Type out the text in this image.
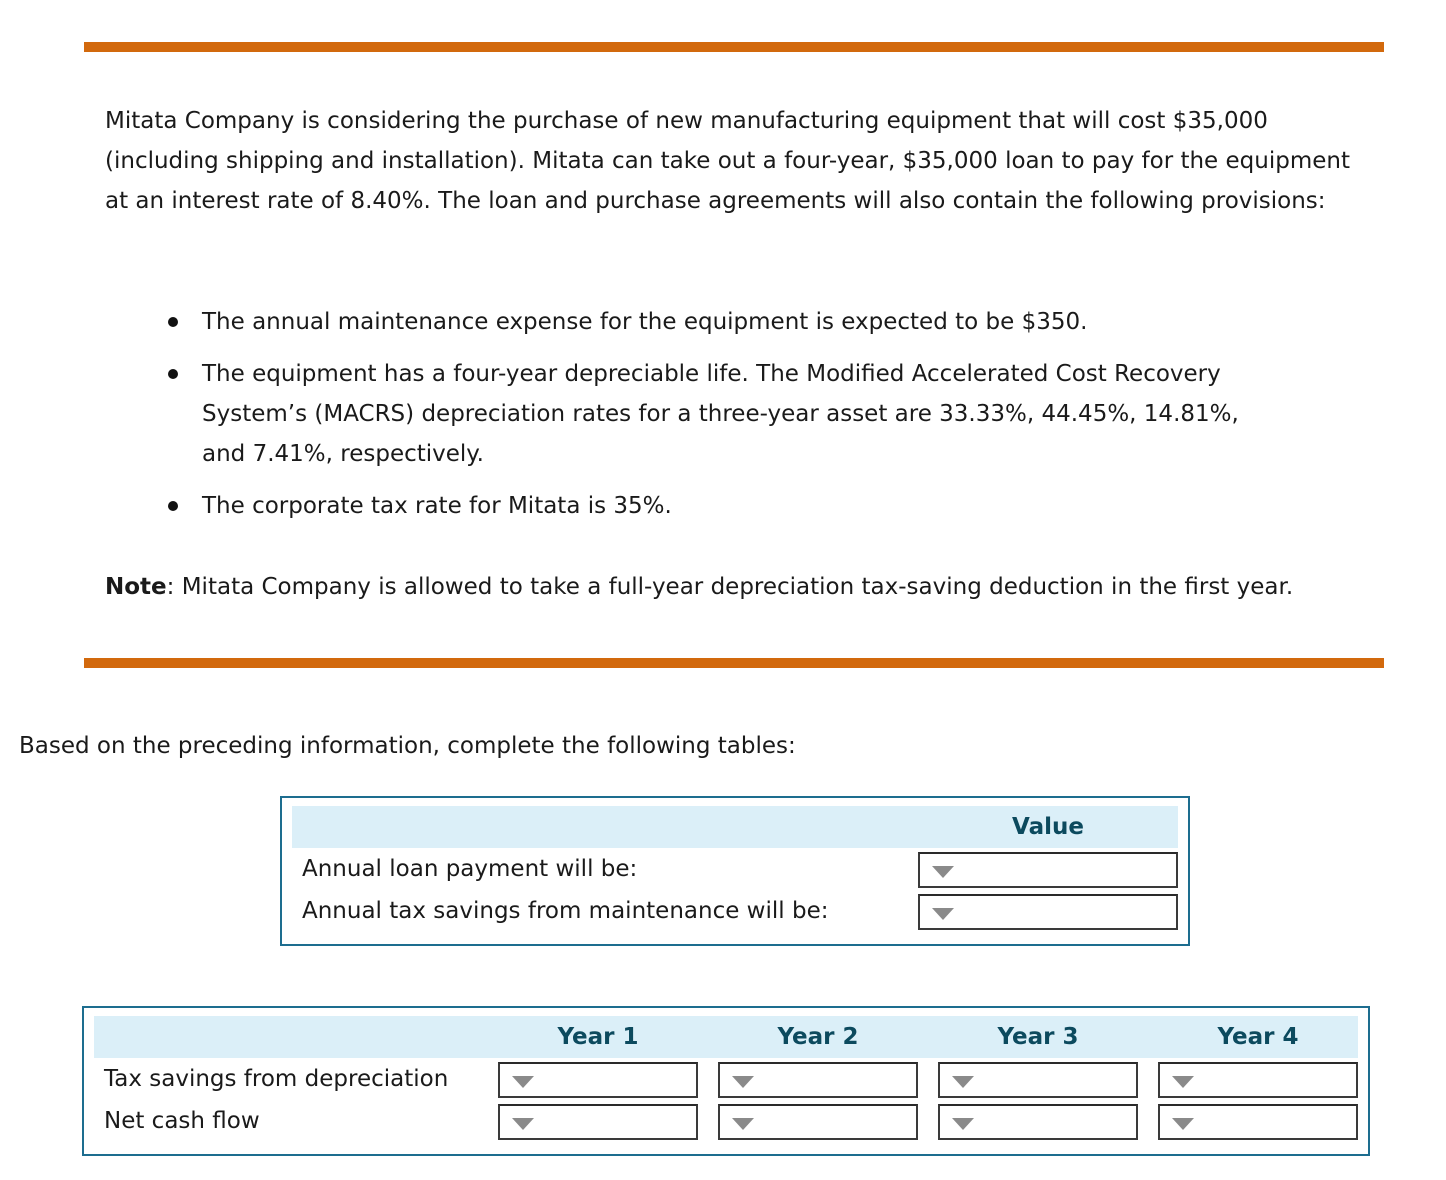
Mitata Company is considering the purchase of new manufacturing equipment that will cost $35,000 (including shipping and installation). Mitata can take out a four-year, $35,000 loan to pay for the equipment at an interest rate of 8.40%. The loan and purchase agreements will also contain the following provisions:

The annual maintenance expense for the equipment is expected to be $350.
The equipment has a four-year depreciable life. The Modified Accelerated Cost Recovery System’s (MACRS) depreciation rates for a three-year asset are 33.33%, 44.45%, 14.81%, and 7.41%, respectively.
The corporate tax rate for Mitata is 35%.

Note: Mitata Company is allowed to take a full-year depreciation tax-saving deduction in the first year.

Based on the preceding information, complete the following tables:

Value
Annual loan payment will be:
Annual tax savings from maintenance will be:
Year 1	Year 2	Year 3	Year 4
Tax savings from depreciation
Net cash flow
